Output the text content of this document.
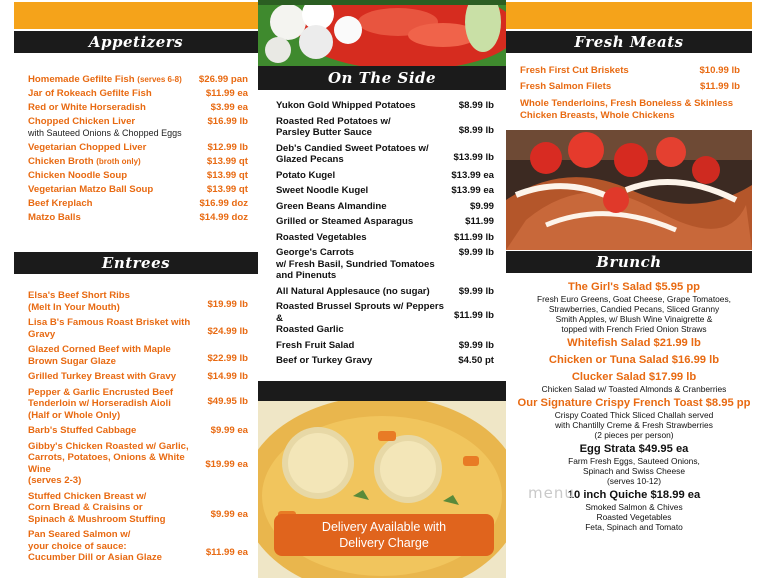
Appetizers
Homemade Gefilte Fish (serves 6-8)	$26.99 pan
Jar of Rokeach Gefilte Fish	$11.99 ea
Red or White Horseradish	$3.99 ea
Chopped Chicken Liver
with Sauteed Onions & Chopped Eggs
$16.99 lb
Vegetarian Chopped Liver	$12.99 lb
Chicken Broth (broth only)	$13.99 qt
Chicken Noodle Soup	$13.99 qt
Vegetarian Matzo Ball Soup	$13.99 qt
Beef Kreplach	$16.99 doz
Matzo Balls	$14.99 doz
Entrees
Elsa's Beef Short Ribs
(Melt In Your Mouth)	$19.99 lb
Lisa B's Famous Roast Brisket with
Gravy	$24.99 lb
Glazed Corned Beef with Maple
Brown Sugar Glaze	$22.99 lb
Grilled Turkey Breast with Gravy	$14.99 lb
Pepper & Garlic Encrusted Beef
Tenderloin w/ Horseradish Aioli
(Half or Whole Only)
$49.95 lb
Barb's Stuffed Cabbage	$9.99 ea
Gibby's Chicken Roasted w/ Garlic,
Carrots, Potatoes, Onions & White Wine
(serves 2-3)
$19.99 ea
Stuffed Chicken Breast w/
Corn Bread & Craisins or
Spinach & Mushroom Stuffing	$9.99 ea
Pan Seared Salmon w/
your choice of sauce:
Cucumber Dill or Asian Glaze	$11.99 ea
On The Side
Yukon Gold Whipped Potatoes	$8.99 lb
Roasted Red Potatoes w/
Parsley Butter Sauce	$8.99 lb
Deb's Candied Sweet Potatoes w/
Glazed Pecans	$13.99 lb
Potato Kugel	$13.99 ea
Sweet Noodle Kugel	$13.99 ea
Green Beans Almandine	$9.99
Grilled or Steamed Asparagus	$11.99
Roasted Vegetables	$11.99 lb
George's Carrots
w/ Fresh Basil, Sundried Tomatoes
and Pinenuts
$9.99 lb
All Natural Applesauce (no sugar)	$9.99 lb
Roasted Brussel Sprouts w/ Peppers &
Roasted Garlic
$11.99 lb
Fresh Fruit Salad	$9.99 lb
Beef or Turkey Gravy	$4.50 pt
Delivery Available with
Delivery Charge
Fresh Meats
Fresh First Cut Briskets	$10.99 lb
Fresh Salmon Filets	$11.99 lb
Whole Tenderloins, Fresh Boneless & Skinless
Chicken Breasts, Whole Chickens
Brunch
The Girl's Salad $5.95 pp
Fresh Euro Greens, Goat Cheese, Grape Tomatoes,
Strawberries, Candied Pecans, Sliced Granny
Smith Apples, w/ Blush Wine Vinaigrette &
topped with French Fried Onion Straws
Whitefish Salad $21.99 lb
Chicken or Tuna Salad $16.99 lb
Clucker Salad $17.99 lb
Chicken Salad w/ Toasted Almonds & Cranberries
Our Signature Crispy French Toast $8.95 pp
Crispy Coated Thick Sliced Challah served
with Chantilly Creme & Fresh Strawberries
(2 pieces per person)
Egg Strata $49.95 ea
Farm Fresh Eggs, Sauteed Onions,
Spinach and Swiss Cheese
(serves 10-12)
10 inch Quiche $18.99 ea
Smoked Salmon & Chives
Roasted Vegetables
Feta, Spinach and Tomato
menu
